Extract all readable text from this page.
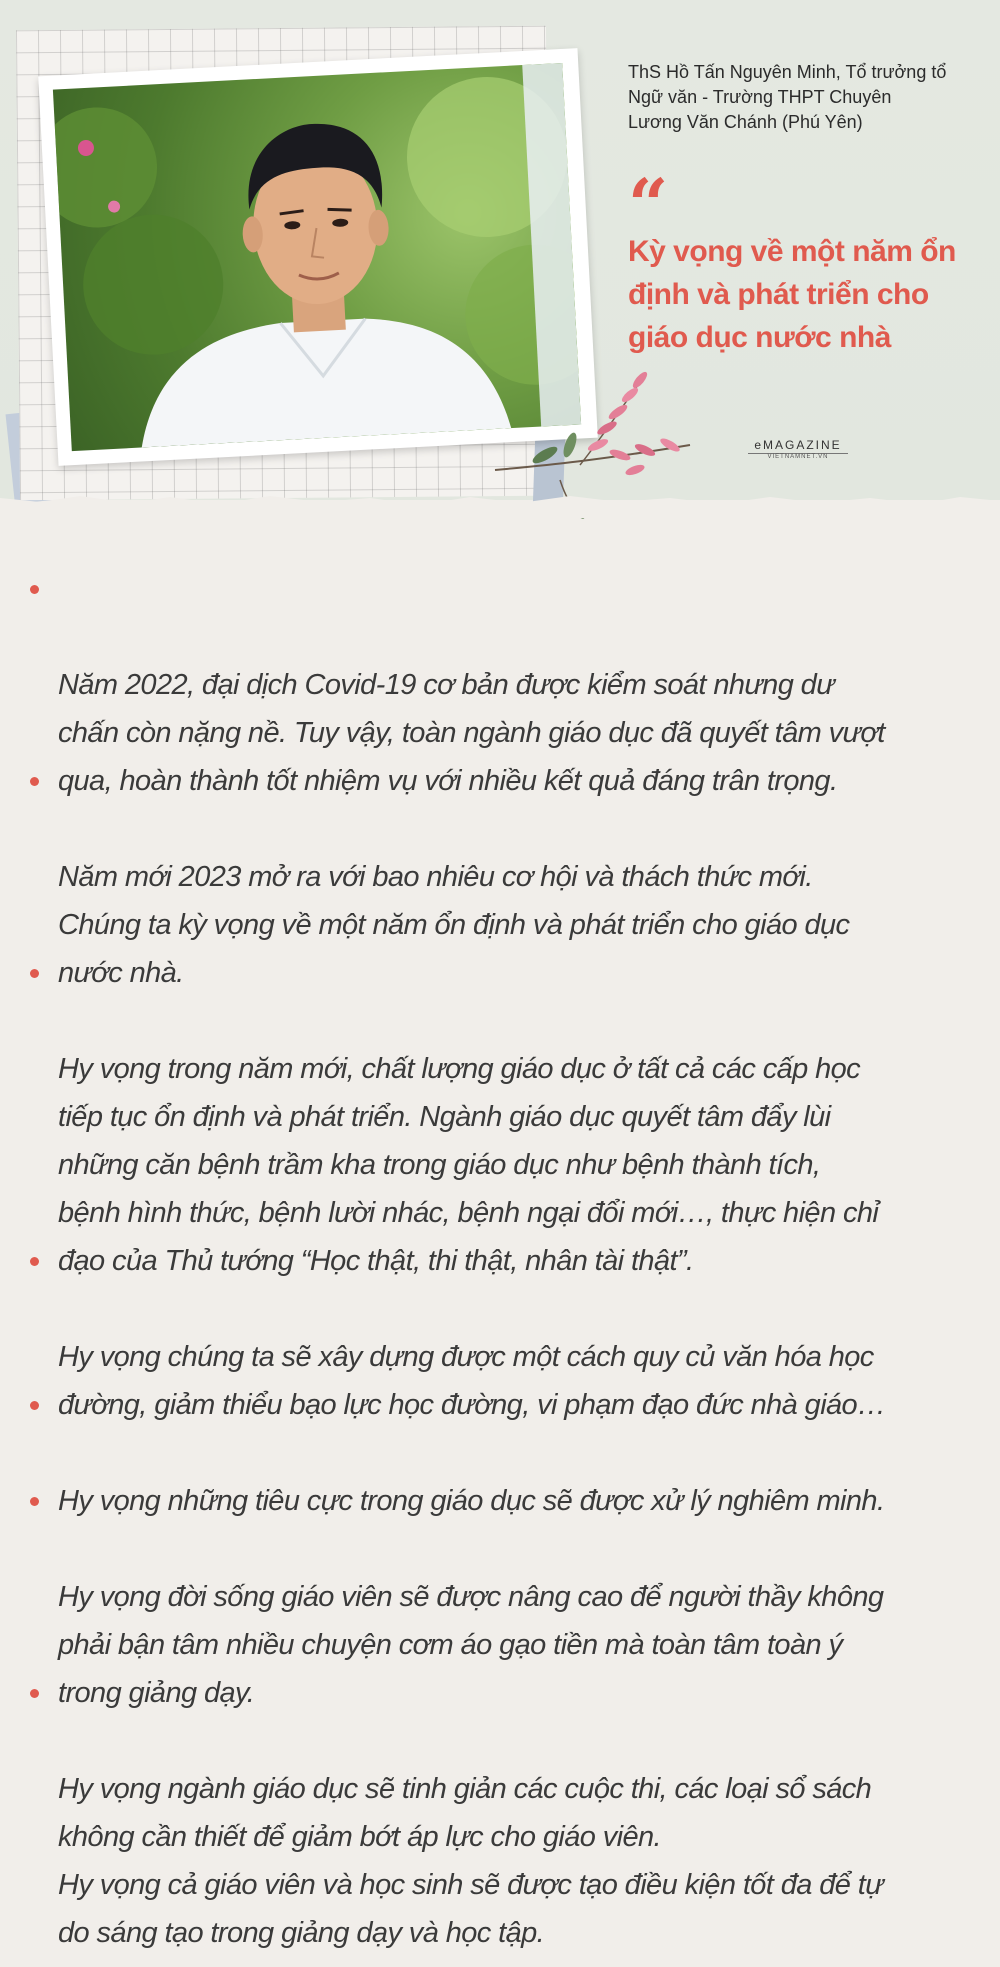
ThS Hồ Tấn Nguyên Minh, Tổ trưởng tổ Ngữ văn - Trường THPT Chuyên Lương Văn Chánh (Phú Yên)
“
Kỳ vọng về một năm ổn định và phát triển cho giáo dục nước nhà
eMAGAZINE
VIETNAMNET.VN

Năm 2022, đại dịch Covid-19 cơ bản được kiểm soát nhưng dư
chấn còn nặng nề. Tuy vậy, toàn ngành giáo dục đã quyết tâm vượt
qua, hoàn thành tốt nhiệm vụ với nhiều kết quả đáng trân trọng.

Năm mới 2023 mở ra với bao nhiêu cơ hội và thách thức mới.
Chúng ta kỳ vọng về một năm ổn định và phát triển cho giáo dục
nước nhà.

Hy vọng trong năm mới, chất lượng giáo dục ở tất cả các cấp học
tiếp tục ổn định và phát triển. Ngành giáo dục quyết tâm đẩy lùi
những căn bệnh trầm kha trong giáo dục như bệnh thành tích,
bệnh hình thức, bệnh lười nhác, bệnh ngại đổi mới…, thực hiện chỉ
đạo của Thủ tướng “Học thật, thi thật, nhân tài thật”.

Hy vọng chúng ta sẽ xây dựng được một cách quy củ văn hóa học
đường, giảm thiểu bạo lực học đường, vi phạm đạo đức nhà giáo…

Hy vọng những tiêu cực trong giáo dục sẽ được xử lý nghiêm minh.

Hy vọng đời sống giáo viên sẽ được nâng cao để người thầy không
phải bận tâm nhiều chuyện cơm áo gạo tiền mà toàn tâm toàn ý
trong giảng dạy.

Hy vọng ngành giáo dục sẽ tinh giản các cuộc thi, các loại sổ sách
không cần thiết để giảm bớt áp lực cho giáo viên.
Hy vọng cả giáo viên và học sinh sẽ được tạo điều kiện tốt đa để tự
do sáng tạo trong giảng dạy và học tập.
